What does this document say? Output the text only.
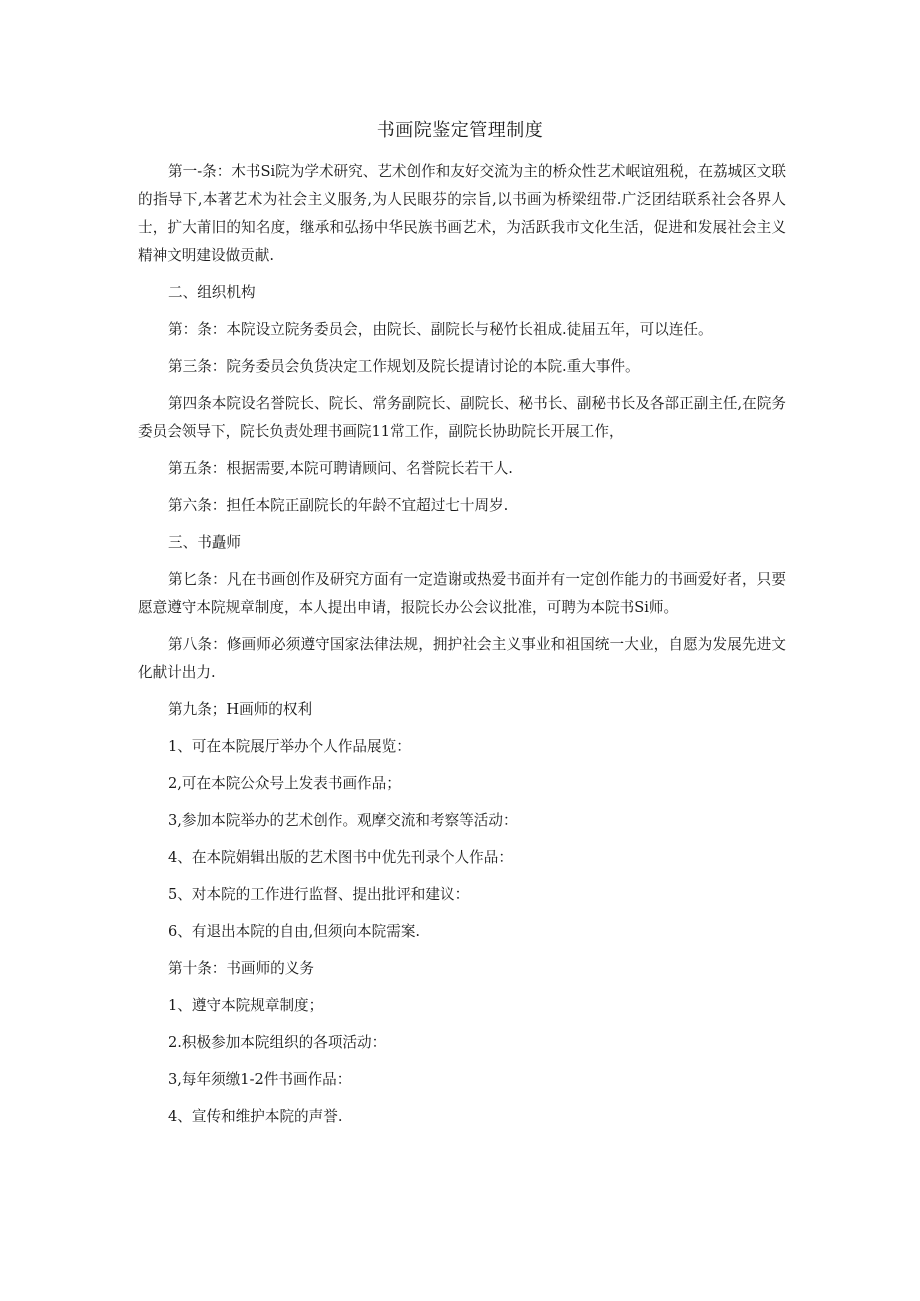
书画院鉴定管理制度

第一-条：木书Si院为学术研究、艺术创作和友好交流为主的桥众性艺术岷谊殂税，在荔城区文联的指导下,本著艺术为社会主义服务,为人民眼芬的宗旨,以书画为桥梁纽带.广泛团结联系社会各界人士，扩大莆旧的知名度，继承和弘扬中华民族书画艺术，为活跃我市文化生活，促进和发展社会主义精神文明建设做贡献.

二、组织机构

第：条：本院设立院务委员会，由院长、副院长与秘竹长祖成.徒届五年，可以连任。

第三条：院务委员会负货决定工作规划及院长提请讨论的本院.重大事件。

第四条本院设名誉院长、院长、常务副院长、副院长、秘书长、副秘书长及各部正副主任,在院务委员会领导下，院长负责处理书画院11常工作，副院长协助院长开展工作，

第五条：根据需要,本院可聘请顾问、名誉院长若干人.

第六条：担任本院正副院长的年龄不宜超过七十周岁.

三、书矗师

第匕条：凡在书画创作及研究方面有一定造谢或热爱书面并有一定创作能力的书画爱好者，只要愿意遵守本院规章制度，本人提出申请，报院长办公会议批准，可聘为本院书Si师。

第八条：修画师必须遵守国家法律法规，拥护社会主义事业和祖国统一大业，自愿为发展先进文化献计出力.

第九条；H画师的权利

1、可在本院展厅举办个人作品展览：

2,可在本院公众号上发表书画作品；

3,参加本院举办的艺术创作。观摩交流和考察等活动：

4、在本院娟辑出版的艺术图书中优先刊录个人作品：

5、对本院的工作进行监督、提出批评和建议：

6、有退出本院的自由,但须向本院需案.

第十条：书画师的义务

1、遵守本院规章制度；

2.积极参加本院组织的各项活动：

3,每年须缴1-2件书画作品：

4、宣传和维护本院的声誉.
